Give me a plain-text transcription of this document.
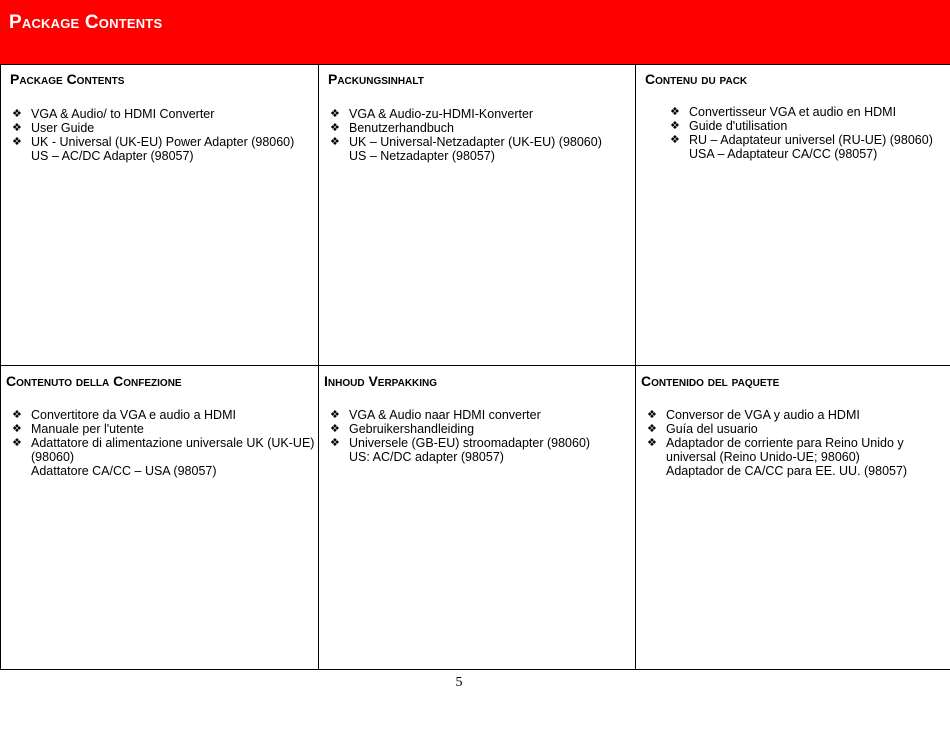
Package Contents
Package Contents
❖ VGA & Audio/ to HDMI Converter
❖ User Guide
❖ UK - Universal (UK-EU) Power Adapter (98060)
US – AC/DC Adapter (98057)
Packungsinhalt
❖ VGA & Audio-zu-HDMI-Konverter
❖ Benutzerhandbuch
❖ UK – Universal-Netzadapter (UK-EU) (98060)
US – Netzadapter (98057)
Contenu du pack
❖ Convertisseur VGA et audio en HDMI
❖ Guide d'utilisation
❖ RU – Adaptateur universel (RU-UE) (98060)
USA – Adaptateur CA/CC (98057)
Contenuto della Confezione
❖ Convertitore da VGA e audio a HDMI
❖ Manuale per l'utente
❖ Adattatore di alimentazione universale UK (UK-UE) (98060)
Adattatore CA/CC – USA (98057)
Inhoud Verpakking
❖ VGA & Audio naar HDMI converter
❖ Gebruikershandleiding
❖ Universele (GB-EU) stroomadapter (98060)
US: AC/DC adapter (98057)
Contenido del paquete
❖ Conversor de VGA y audio a HDMI
❖ Guía del usuario
❖ Adaptador de corriente para Reino Unido y universal (Reino Unido-UE; 98060)
Adaptador de CA/CC para EE. UU. (98057)
5
